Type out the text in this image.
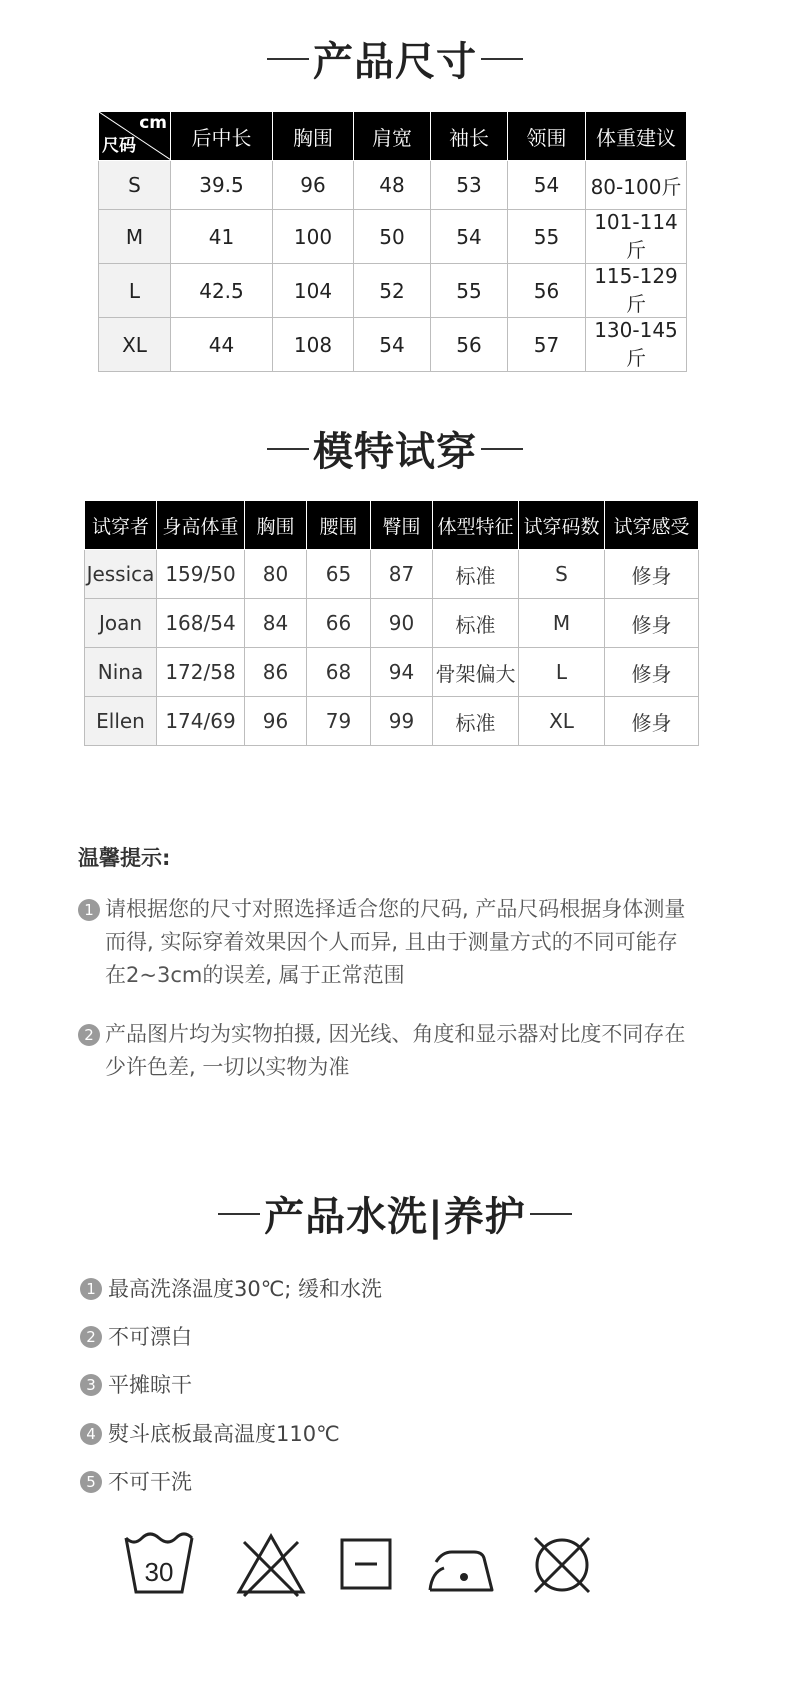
产品尺寸
cm
尺码	后中长	胸围	肩宽	袖长	领围	体重建议
S	39.5	96	48	53	54	80-100斤
M	41	100	50	54	55	101-114斤
L	42.5	104	52	55	56	115-129斤
XL	44	108	54	56	57	130-145斤
模特试穿
试穿者	身高体重	胸围	腰围	臀围	体型特征	试穿码数	试穿感受
Jessica	159/50	80	65	87	标准	S	修身
Joan	168/54	84	66	90	标准	M	修身
Nina	172/58	86	68	94	骨架偏大	L	修身
Ellen	174/69	96	79	99	标准	XL	修身
温馨提示:
1 请根据您的尺寸对照选择适合您的尺码, 产品尺码根据身体测量而得, 实际穿着效果因个人而异, 且由于测量方式的不同可能存在2~3cm的误差, 属于正常范围
2 产品图片均为实物拍摄, 因光线、角度和显示器对比度不同存在少许色差, 一切以实物为准
产品水洗|养护
1 最高洗涤温度30℃; 缓和水洗
2 不可漂白
3 平摊晾干
4 熨斗底板最高温度110℃
5 不可干洗
30
